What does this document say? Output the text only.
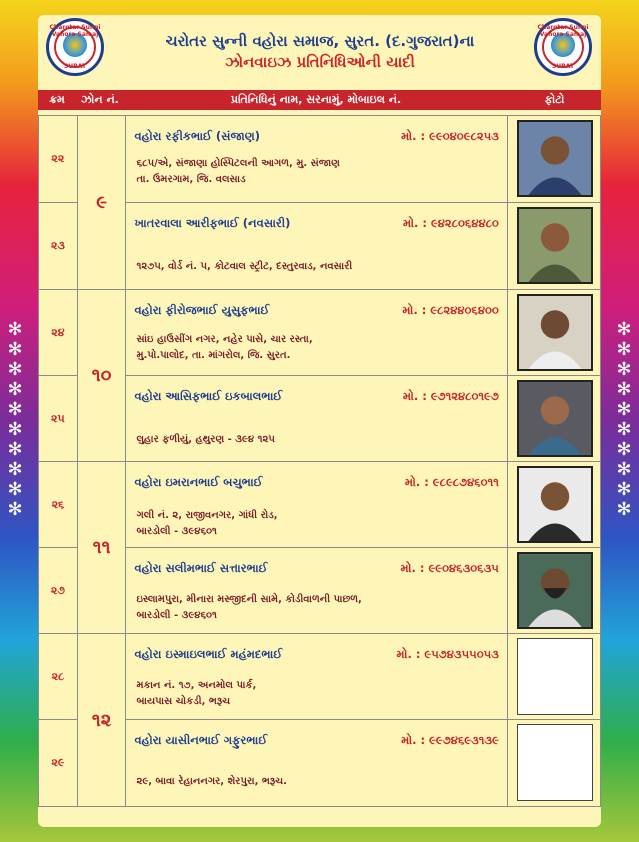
Charotar Sunni Vahora Samaj
SURAT
Charotar Sunni Vahora Samaj
SURAT
ચરોતર સુન્ની વહોરા સમાજ, સુરત. (દ.ગુજરાત)ના
ઝોનવાઇઝ પ્રતિનિધિઓની યાદી
ક્રમ	ઝોન નં.	પ્રતિનિધિનું નામ, સરનામું, મોબાઇલ નં.	ફોટો
✻
✻
✻
✻
✻
✻
✻
✻
✻
✻
✻
✻
✻
✻
✻
✻
✻
✻
✻
✻
૨૨	૯	વહોરા રફીકભાઈ (સંજાણ) મો. : ૯૯૦૪૦૯૮૨૫૩
૬૮૫/એ, સંજાણા હોસ્પિટલની આગળ, મુ. સંજાણ
તા. ઉમરગામ, જિ. વલસાડ

૨૩		ખાતરવાલા આરીફભાઈ (નવસારી) મો. : ૯૪૨૮૦૬૪૪૮૦
૧૨૭૫, વોર્ડ નં. ૫, કોટવાલ સ્ટ્રીટ, દસ્તુરવાડ, નવસારી

૨૪	૧૦	વહોરા ફીરોજભાઈ યુસુફભાઈ મો. : ૯૮૨૪૪૦૬૪૦૦
સાંઇ હાઉસીંગ નગર, નહેર પાસે, ચાર રસ્તા,
મુ.પો.પાલોદ, તા. માંગરોલ, જિ. સુરત.

૨૫		વહોરા આસિફભાઈ ઇકબાલભાઈ મો. : ૯૭૧૨૪૮૦૧૯૭
લુહાર ફળીયું, હથુરણ - ૩૯૪ ૧૨૫

૨૬	૧૧	વહોરા ઇમરાનભાઈ બચુભાઈ મો. : ૯૮૯૮૭૪૬૦૧૧
ગલી નં. ૨, રાજીવનગર, ગાંધી રોડ,
બારડોલી - ૩૯૪૬૦૧

૨૭		વહોરા સલીમભાઈ સત્તારભાઈ મો. : ૯૯૦૪૬૩૦૬૩૫
ઇસ્લામપુરા, મીનારા મસ્જીદની સામે, કોડીવાળની પાછળ,
બારડોલી - ૩૯૪૬૦૧

૨૮	૧૨	વહોરા ઇસ્માઇલભાઈ મહંમદભાઈ મો. : ૯૫૭૪૩૫૫૦૫૩
મકાન નં. ૧૭, અનમોલ પાર્ક,
બાયપાસ ચોકડી, ભરૂચ	

૨૯		વહોરા યાસીનભાઈ ગફુરભાઈ મો. : ૯૯૭૪૬૯૩૧૩૯
૨૯, બાવા રેહાનનગર, શેરપુરા, ભરૂચ.	
